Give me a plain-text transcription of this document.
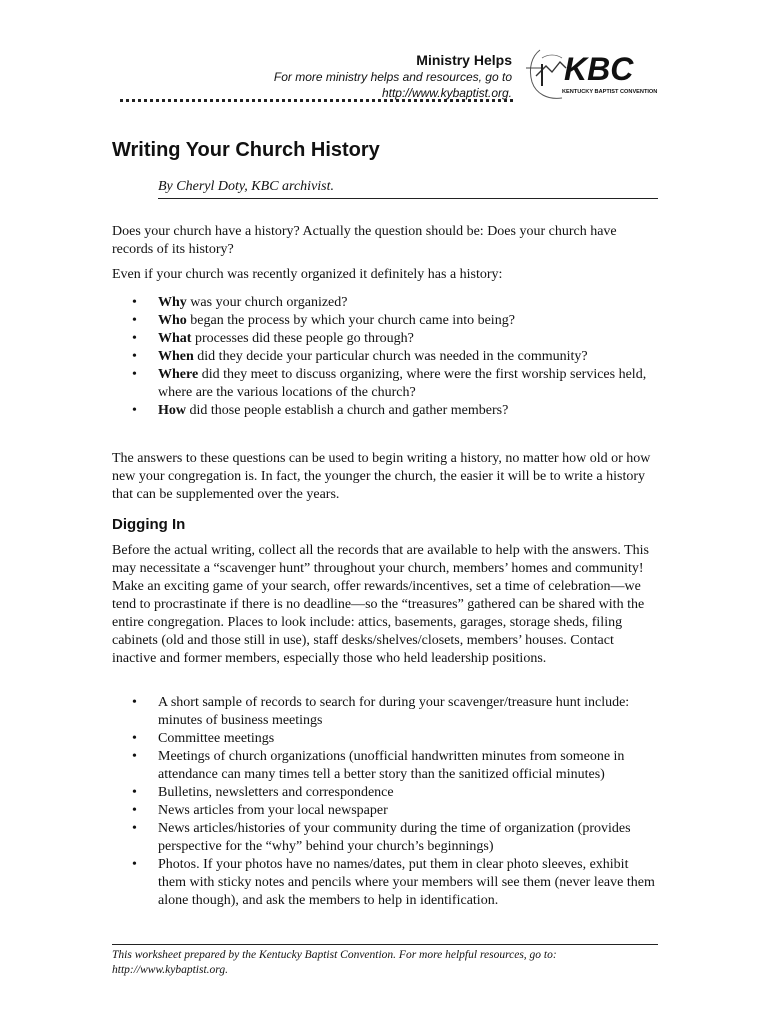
Ministry Helps
For more ministry helps and resources, go to
http://www.kybaptist.org.
KBC
KENTUCKY BAPTIST CONVENTION
Writing Your Church History
By Cheryl Doty, KBC archivist.

Does your church have a history? Actually the question should be: Does your church have records of its history?

Even if your church was recently organized it definitely has a history:

• Why was your church organized?
• Who began the process by which your church came into being?
• What processes did these people go through?
• When did they decide your particular church was needed in the community?
• Where did they meet to discuss organizing, where were the first worship services held, where are the various locations of the church?
• How did those people establish a church and gather members?

The answers to these questions can be used to begin writing a history, no matter how old or how new your congregation is. In fact, the younger the church, the easier it will be to write a history that can be supplemented over the years.

Digging In

Before the actual writing, collect all the records that are available to help with the answers. This may necessitate a “scavenger hunt” throughout your church, members’ homes and community! Make an exciting game of your search, offer rewards/incentives, set a time of celebration—we tend to procrastinate if there is no deadline—so the “treasures” gathered can be shared with the entire congregation. Places to look include: attics, basements, garages, storage sheds, filing cabinets (old and those still in use), staff desks/shelves/closets, members’ houses. Contact inactive and former members, especially those who held leadership positions.

• A short sample of records to search for during your scavenger/treasure hunt include: minutes of business meetings
• Committee meetings
• Meetings of church organizations (unofficial handwritten minutes from someone in attendance can many times tell a better story than the sanitized official minutes)
• Bulletins, newsletters and correspondence
• News articles from your local newspaper
• News articles/histories of your community during the time of organization (provides perspective for the “why” behind your church’s beginnings)
• Photos. If your photos have no names/dates, put them in clear photo sleeves, exhibit them with sticky notes and pencils where your members will see them (never leave them alone though), and ask the members to help in identification.
This worksheet prepared by the Kentucky Baptist Convention. For more helpful resources, go to: http://www.kybaptist.org.
